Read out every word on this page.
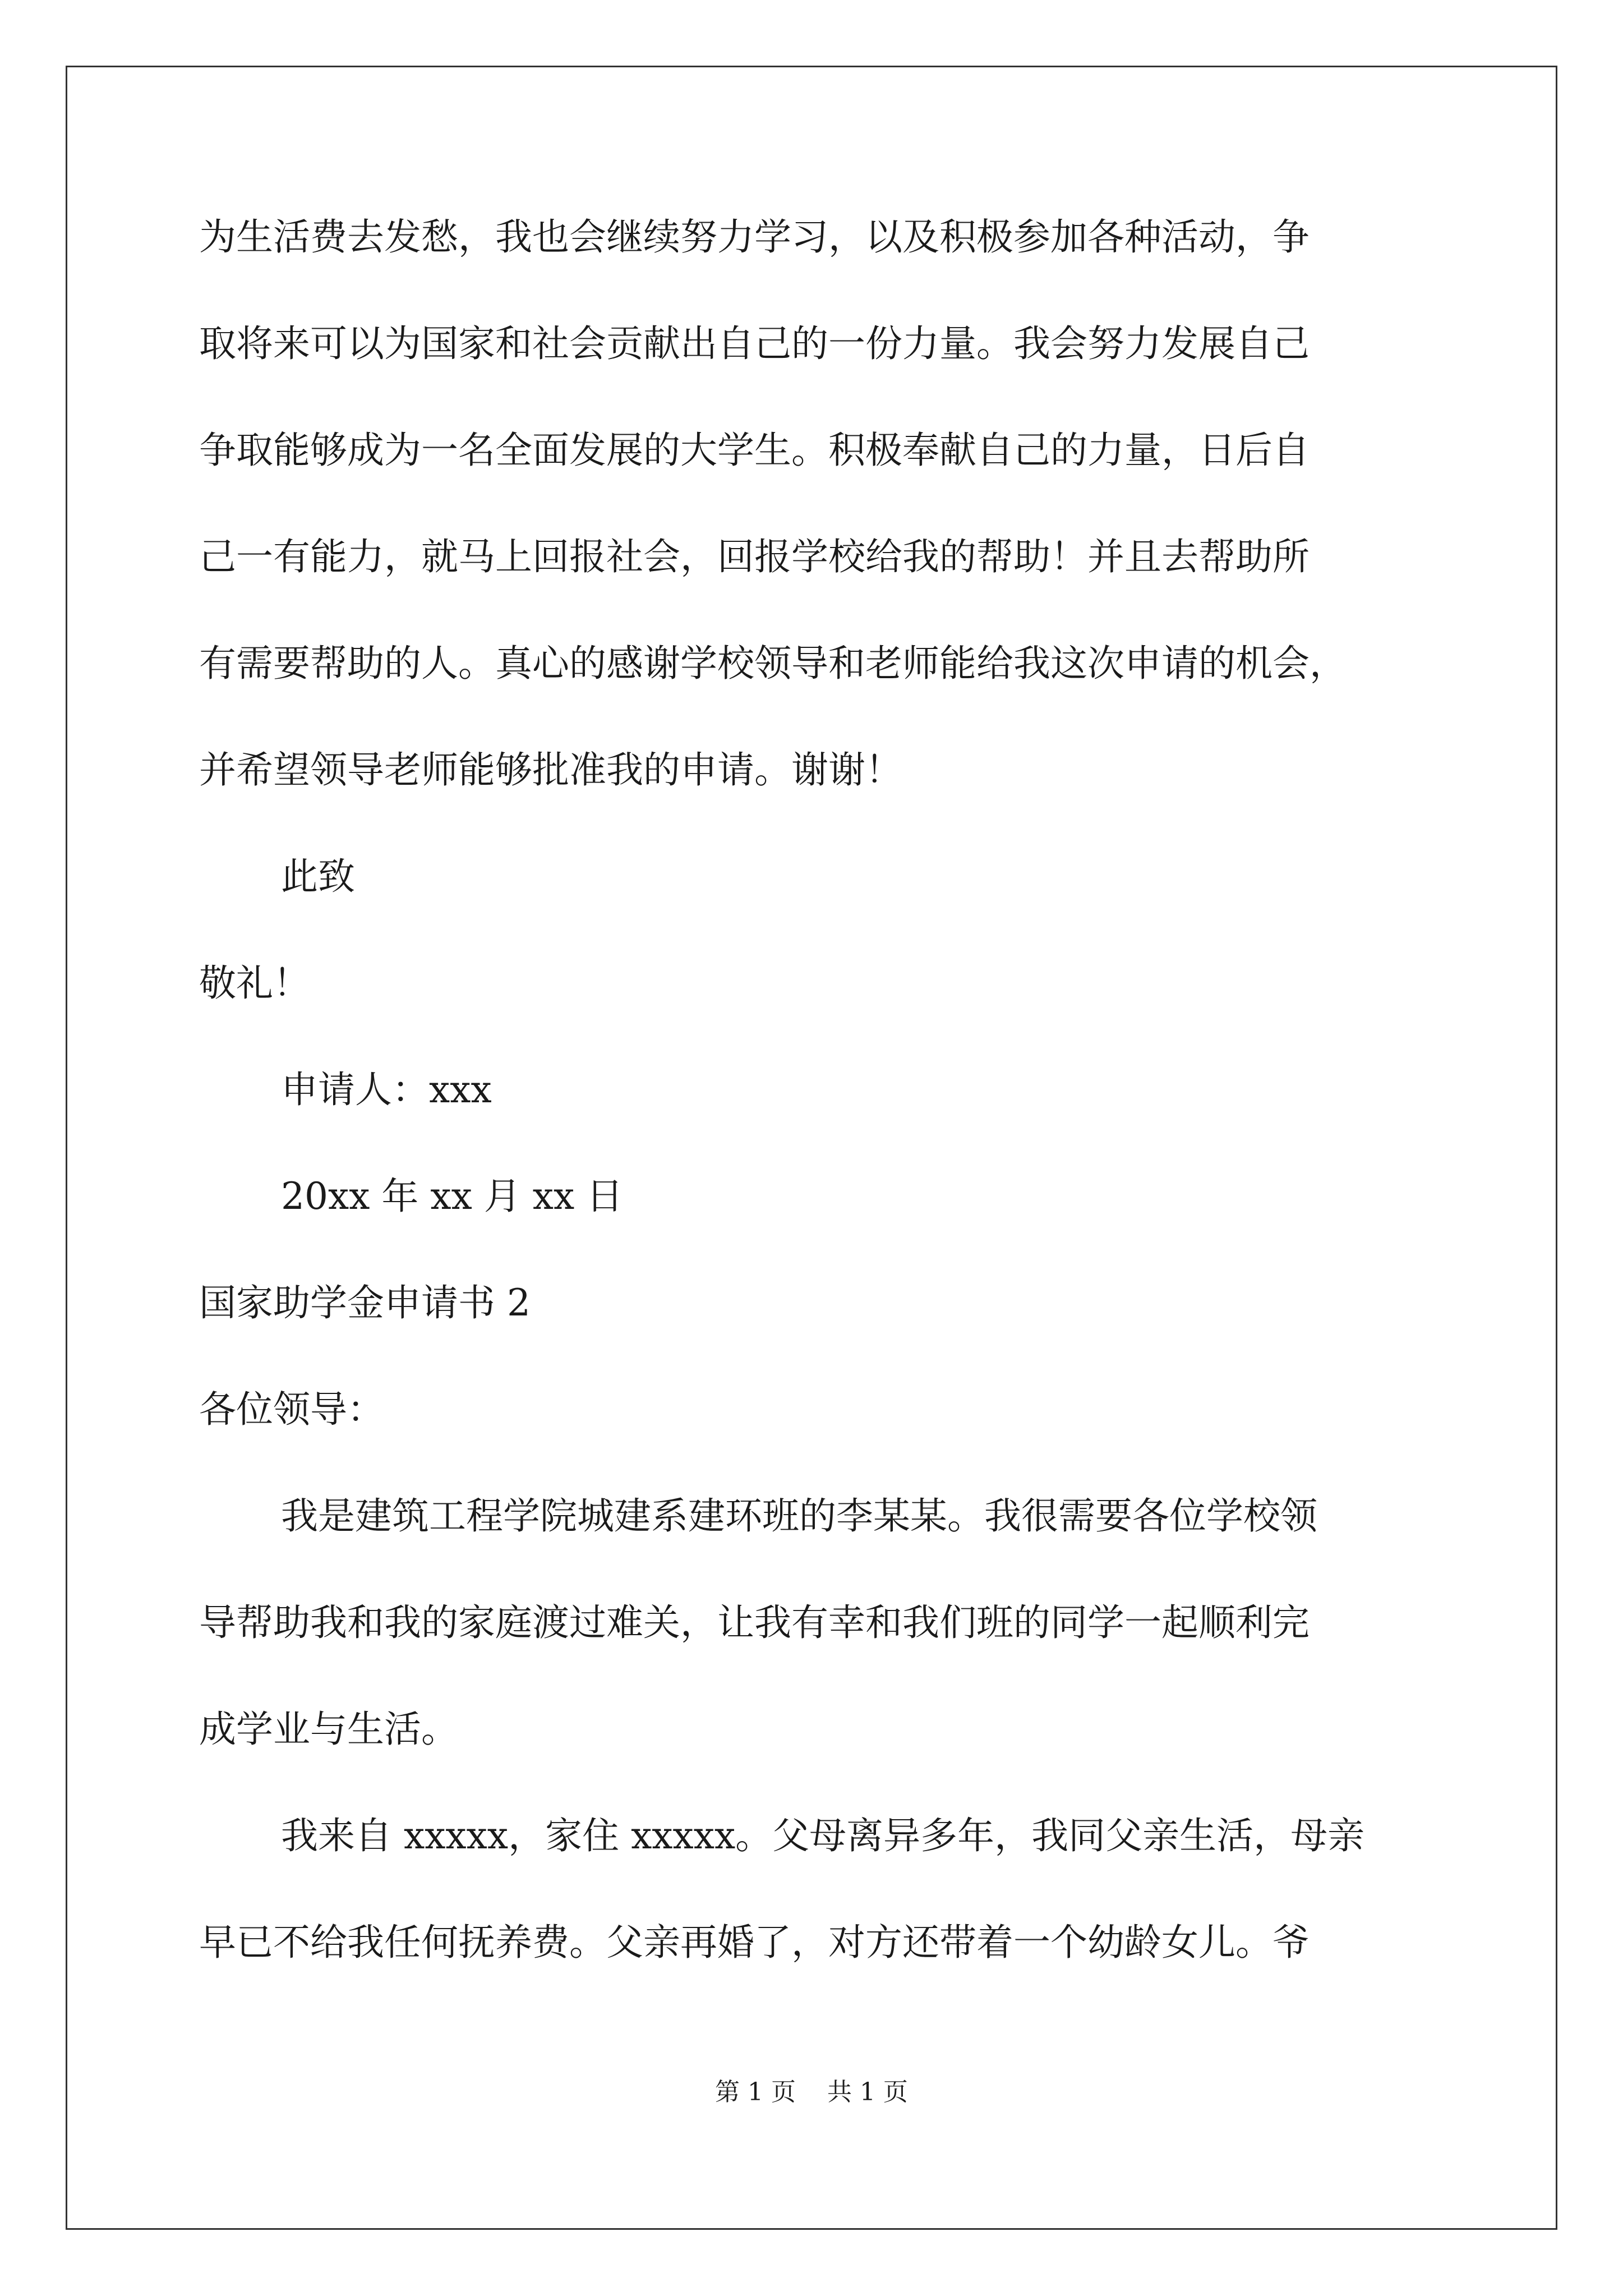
为生活费去发愁，我也会继续努力学习，以及积极参加各种活动，争
取将来可以为国家和社会贡献出自己的一份力量。我会努力发展自己
争取能够成为一名全面发展的大学生。积极奉献自己的力量，日后自
己一有能力，就马上回报社会，回报学校给我的帮助！并且去帮助所
有需要帮助的人。真心的感谢学校领导和老师能给我这次申请的机会，
并希望领导老师能够批准我的申请。谢谢！
此致
敬礼！
申请人：xxx
20xx 年 xx 月 xx 日
国家助学金申请书 2
各位领导：
我是建筑工程学院城建系建环班的李某某。我很需要各位学校领
导帮助我和我的家庭渡过难关，让我有幸和我们班的同学一起顺利完
成学业与生活。
我来自 xxxxx，家住 xxxxx。父母离异多年，我同父亲生活，母亲
早已不给我任何抚养费。父亲再婚了，对方还带着一个幼龄女儿。爷
第 1 页    共 1 页
